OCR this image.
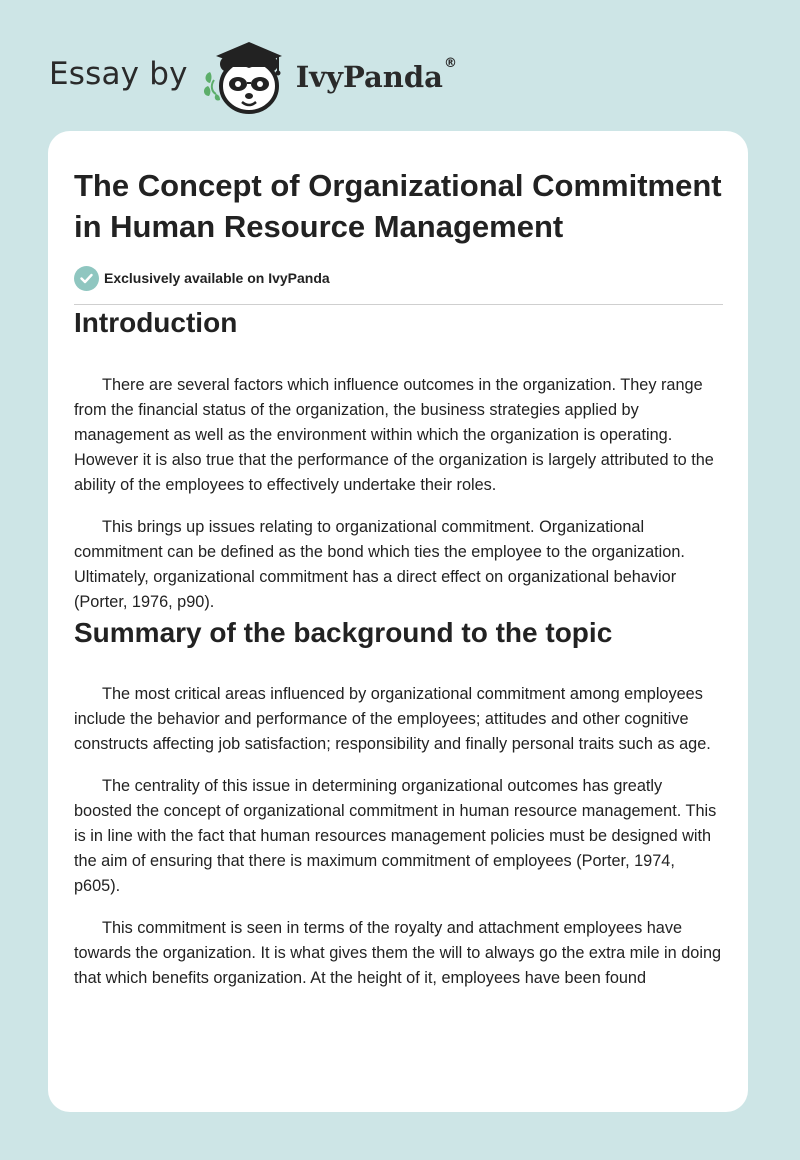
Essay by	IvyPanda®
The Concept of Organizational Commitment in Human Resource Management
Exclusively available on IvyPanda
Introduction

There are several factors which influence outcomes in the organization. They range from the financial status of the organization, the business strategies applied by management as well as the environment within which the organization is operating. However it is also true that the performance of the organization is largely attributed to the ability of the employees to effectively undertake their roles.

This brings up issues relating to organizational commitment. Organizational commitment can be defined as the bond which ties the employee to the organization. Ultimately, organizational commitment has a direct effect on organizational behavior (Porter, 1976, p90).

Summary of the background to the topic

The most critical areas influenced by organizational commitment among employees include the behavior and performance of the employees; attitudes and other cognitive constructs affecting job satisfaction; responsibility and finally personal traits such as age.

The centrality of this issue in determining organizational outcomes has greatly boosted the concept of organizational commitment in human resource management. This is in line with the fact that human resources management policies must be designed with the aim of ensuring that there is maximum commitment of employees (Porter, 1974, p605).

This commitment is seen in terms of the royalty and attachment employees have towards the organization. It is what gives them the will to always go the extra mile in doing that which benefits organization. At the height of it, employees have been found
